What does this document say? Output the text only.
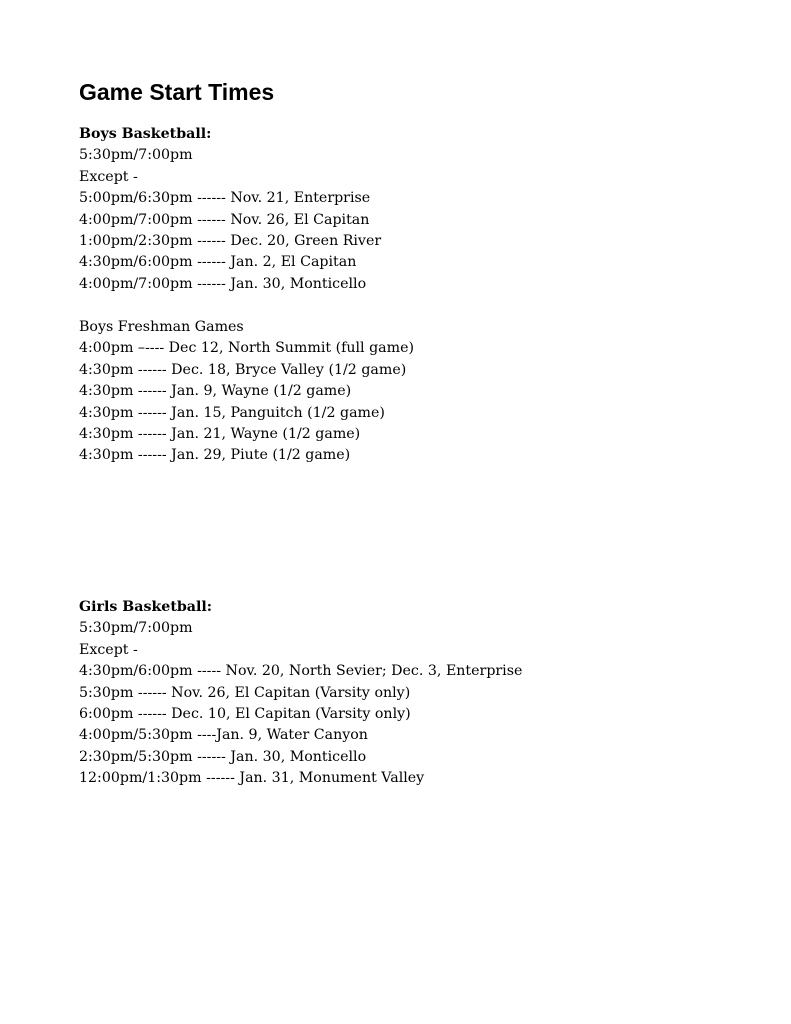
Game Start Times
Boys Basketball:
5:30pm/7:00pm
Except -
5:00pm/6:30pm ------ Nov. 21, Enterprise
4:00pm/7:00pm ------ Nov. 26, El Capitan
1:00pm/2:30pm ------ Dec. 20, Green River
4:30pm/6:00pm ------ Jan. 2, El Capitan
4:00pm/7:00pm ------ Jan. 30, Monticello
Boys Freshman Games
4:00pm –---- Dec 12, North Summit (full game)
4:30pm ------ Dec. 18, Bryce Valley (1/2 game)
4:30pm ------ Jan. 9, Wayne (1/2 game)
4:30pm ------ Jan. 15, Panguitch (1/2 game)
4:30pm ------ Jan. 21, Wayne (1/2 game)
4:30pm ------ Jan. 29, Piute (1/2 game)
Girls Basketball:
5:30pm/7:00pm
Except -
4:30pm/6:00pm ----- Nov. 20, North Sevier; Dec. 3, Enterprise
5:30pm ------ Nov. 26, El Capitan (Varsity only)
6:00pm ------ Dec. 10, El Capitan (Varsity only)
4:00pm/5:30pm ----Jan. 9, Water Canyon
2:30pm/5:30pm ------ Jan. 30, Monticello
12:00pm/1:30pm ------ Jan. 31, Monument Valley
